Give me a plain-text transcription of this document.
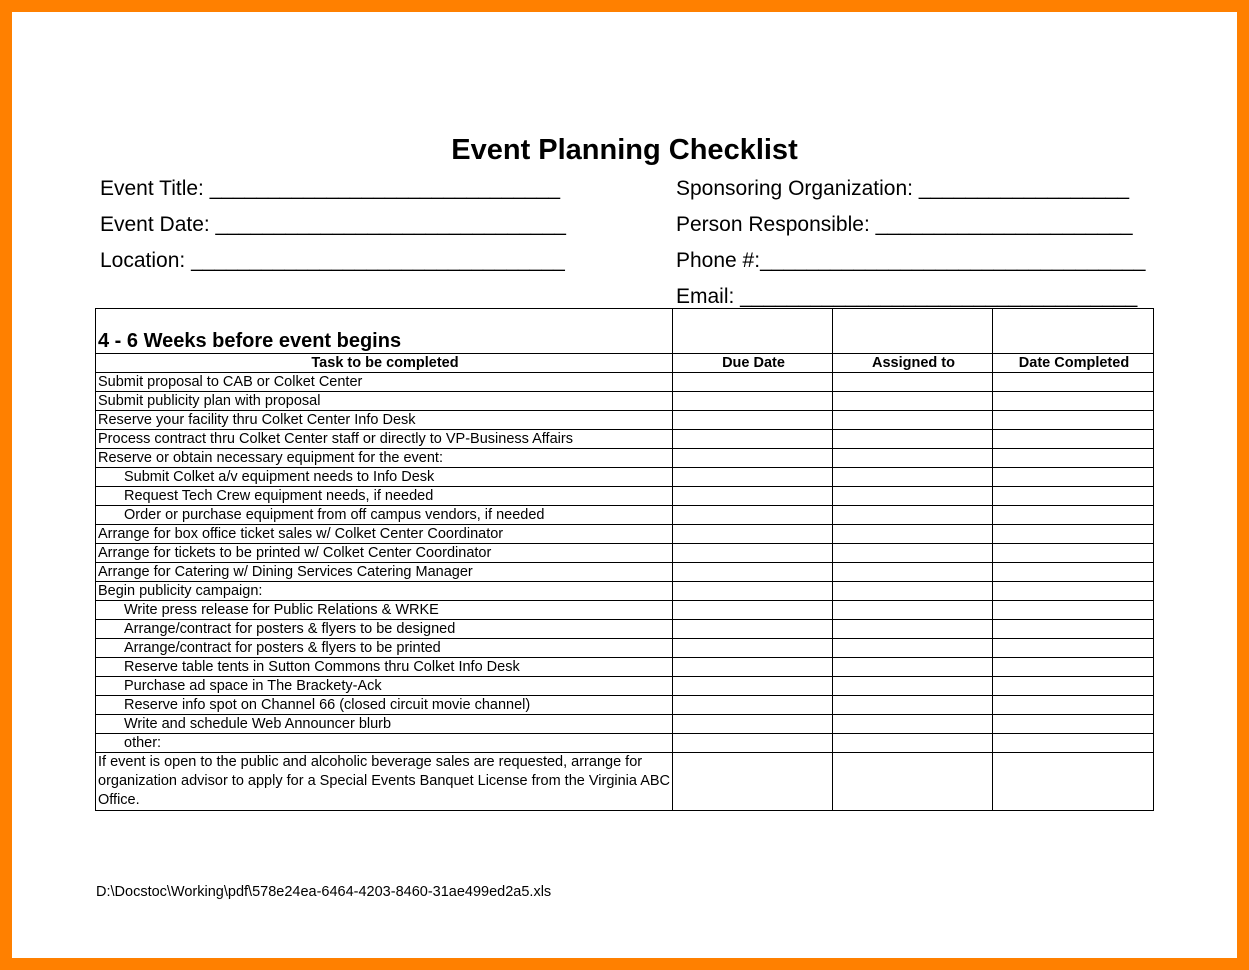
Event Planning Checklist
Event Title: ______________________________
Event Date: ______________________________
Location: ________________________________
Sponsoring Organization: __________________
Person Responsible: ______________________
Phone #:_________________________________
Email: __________________________________
4 - 6 Weeks before event begins			
Task to be completed	Due Date	Assigned to	Date Completed
Submit proposal to CAB or Colket Center			
Submit publicity plan with proposal			
Reserve your facility thru Colket Center Info Desk			
Process contract thru Colket Center staff or directly to VP-Business Affairs			
Reserve or obtain necessary equipment for the event:			
Submit Colket a/v equipment needs to Info Desk			
Request Tech Crew equipment needs, if needed			
Order or purchase equipment from off campus vendors, if needed			
Arrange for box office ticket sales w/ Colket Center Coordinator			
Arrange for tickets to be printed w/ Colket Center Coordinator			
Arrange for Catering w/ Dining Services Catering Manager			
Begin publicity campaign:			
Write press release for Public Relations & WRKE			
Arrange/contract for posters & flyers to be designed			
Arrange/contract for posters & flyers to be printed			
Reserve table tents in Sutton Commons thru Colket Info Desk			
Purchase ad space in The Brackety-Ack			
Reserve info spot on Channel 66 (closed circuit movie channel)			
Write and schedule Web Announcer blurb			
other:			
If event is open to the public and alcoholic beverage sales are requested, arrange for organization advisor to apply for a Special Events Banquet License from the Virginia ABC Office.			
D:\Docstoc\Working\pdf\578e24ea-6464-4203-8460-31ae499ed2a5.xls
